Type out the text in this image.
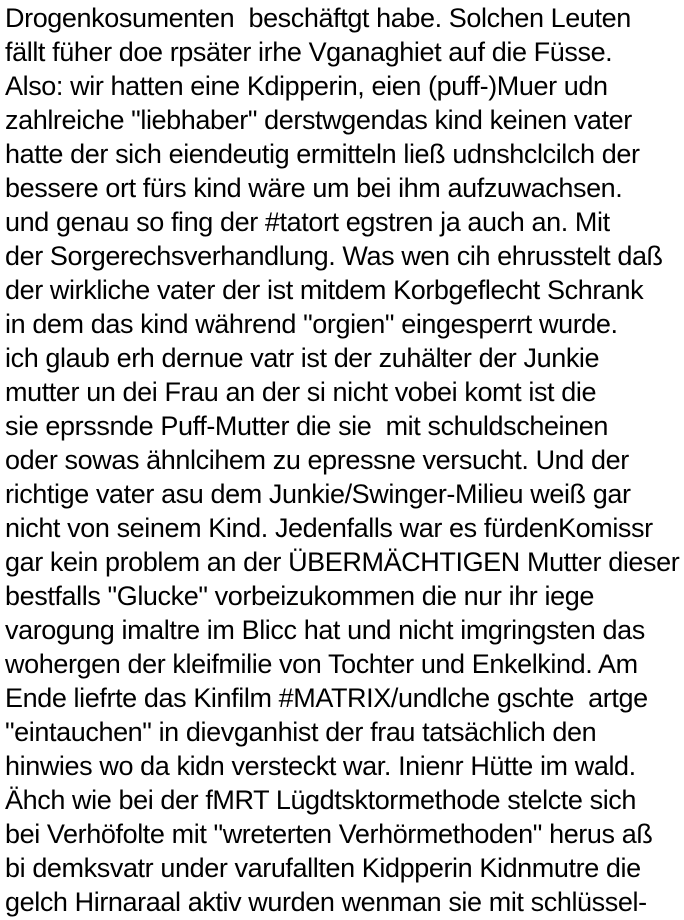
Drogenkosumenten  beschäftgt habe. Solchen Leuten
fällt füher doe rpsäter irhe Vganaghiet auf die Füsse.
Also: wir hatten eine Kdipperin, eien (puff-)Muer udn
zahlreiche "liebhaber" derstwgendas kind keinen vater
hatte der sich eiendeutig ermitteln ließ udnshclcilch der
bessere ort fürs kind wäre um bei ihm aufzuwachsen.
und genau so fing der #tatort egstren ja auch an. Mit
der Sorgerechsverhandlung. Was wen cih ehrusstelt daß
der wirkliche vater der ist mitdem Korbgeflecht Schrank
in dem das kind während "orgien" eingesperrt wurde.
ich glaub erh dernue vatr ist der zuhälter der Junkie
mutter un dei Frau an der si nicht vobei komt ist die
sie eprssnde Puff-Mutter die sie  mit schuldscheinen
oder sowas ähnlcihem zu epressne versucht. Und der
richtige vater asu dem Junkie/Swinger-Milieu weiß gar
nicht von seinem Kind. Jedenfalls war es fürdenKomissr
gar kein problem an der ÜBERMÄCHTIGEN Mutter dieser
bestfalls "Glucke" vorbeizukommen die nur ihr iege
varogung imaltre im Blicc hat und nicht imgringsten das
wohergen der kleifmilie von Tochter und Enkelkind. Am
Ende liefrte das Kinfilm #MATRIX/undlche gschte  artge
"eintauchen" in dievganhist der frau tatsächlich den
hinwies wo da kidn versteckt war. Inienr Hütte im wald.
Ähch wie bei der fMRT Lügdtsktormethode stelcte sich
bei Verhöfolte mit "wreterten Verhörmethoden" herus aß
bi demksvatr under varufallten Kidpperin Kidnmutre die
gelch Hirnaraal aktiv wurden wenman sie mit schlüssel-
